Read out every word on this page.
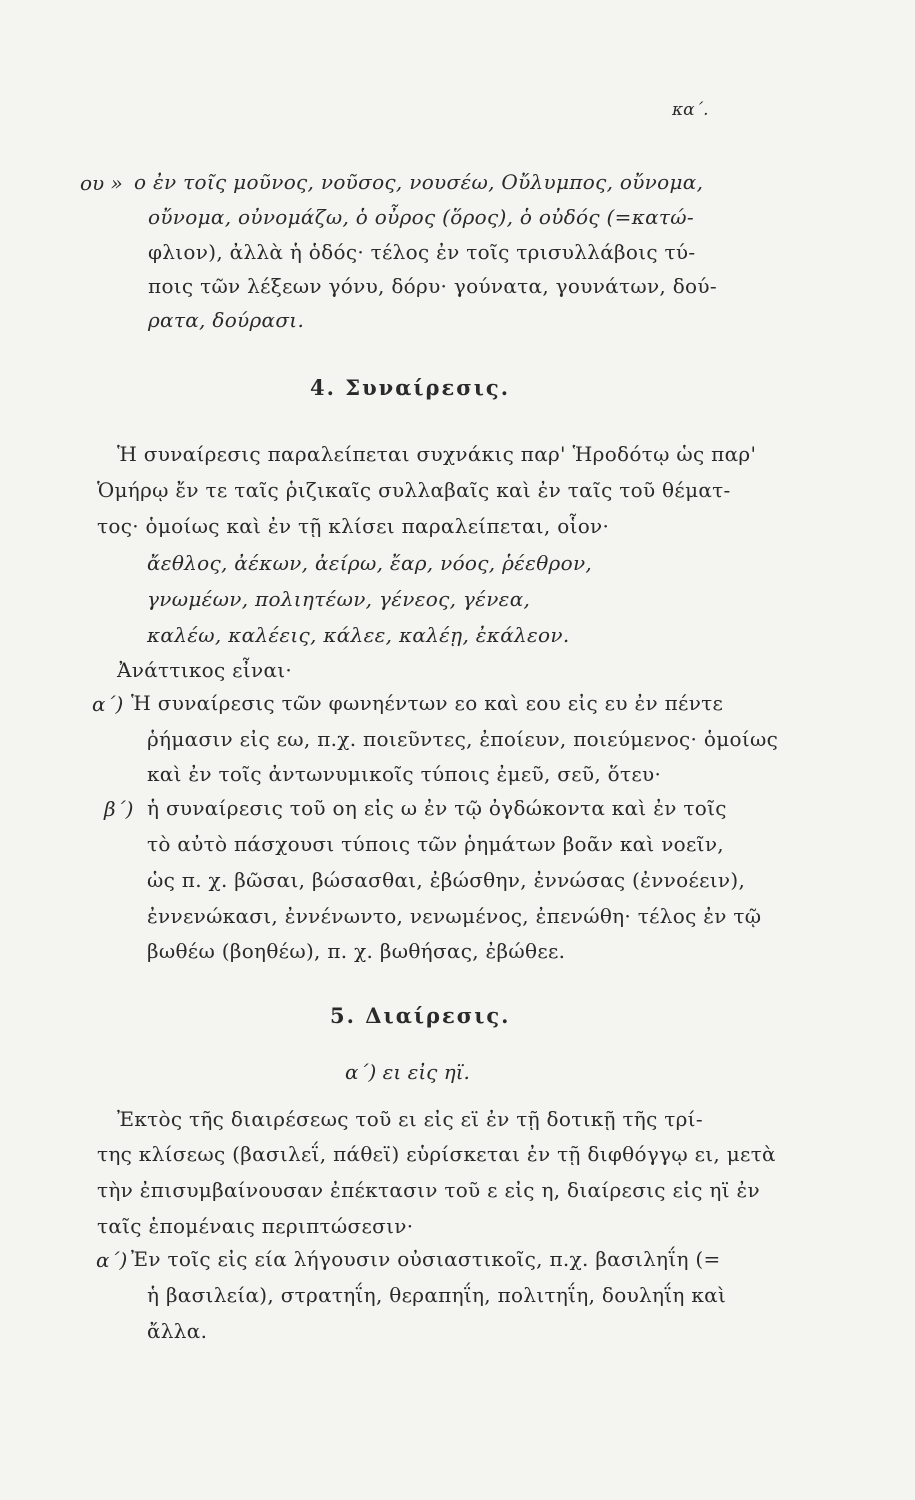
κα΄.
ου » ο ἐν τοῖς μοῦνος, νοῦσος, νουσέω, Οὔλυμπος, οὔνομα,
οὔνομα, οὐνομάζω, ὁ οὖρος (ὅρος), ὁ οὐδός (=κατώ-
φλιον), ἀλλὰ ἡ ὁδός· τέλος ἐν τοῖς τρισυλλάβοις τύ-
ποις τῶν λέξεων γόνυ, δόρυ· γούνατα, γουνάτων, δού-
ρατα, δούρασι.
4. Συναίρεσις.
Ἡ συναίρεσις παραλείπεται συχνάκις παρ' Ἡροδότῳ ὡς παρ'
Ὁμήρῳ ἔν τε ταῖς ῥιζικαῖς συλλαβαῖς καὶ ἐν ταῖς τοῦ θέματ-
τος· ὁμοίως καὶ ἐν τῇ κλίσει παραλείπεται, οἷον·
ἄεθλος, ἀέκων, ἀείρω, ἔαρ, νόος, ῥέεθρον,
γνωμέων, πολιητέων, γένεος, γένεα,
καλέω, καλέεις, κάλεε, καλέῃ, ἐκάλεον.
Ἀνάττικος εἶναι·
α΄) Ἡ συναίρεσις τῶν φωνηέντων εο καὶ εου εἰς ευ ἐν πέντε
ῥήμασιν εἰς εω, π.χ. ποιεῦντες, ἐποίευν, ποιεύμενος· ὁμοίως
καὶ ἐν τοῖς ἀντωνυμικοῖς τύποις ἐμεῦ, σεῦ, ὅτευ·
β΄) ἡ συναίρεσις τοῦ οη εἰς ω ἐν τῷ ὀγδώκοντα καὶ ἐν τοῖς
τὸ αὐτὸ πάσχουσι τύποις τῶν ῥημάτων βοᾶν καὶ νοεῖν,
ὡς π. χ. βῶσαι, βώσασθαι, ἐβώσθην, ἐννώσας (ἐννοέειν),
ἐννενώκασι, ἐννένωντο, νενωμένος, ἐπενώθη· τέλος ἐν τῷ
βωθέω (βοηθέω), π. χ. βωθήσας, ἐβώθεε.
5. Διαίρεσις.
α΄) ει εἰς ηϊ.
Ἐκτὸς τῆς διαιρέσεως τοῦ ει εἰς εϊ ἐν τῇ δοτικῇ τῆς τρί-
της κλίσεως (βασιλεΐ, πάθεϊ) εὑρίσκεται ἐν τῇ διφθόγγῳ ει, μετὰ
τὴν ἐπισυμβαίνουσαν ἐπέκτασιν τοῦ ε εἰς η, διαίρεσις εἰς ηϊ ἐν
ταῖς ἑπομέναις περιπτώσεσιν·
α΄) Ἐν τοῖς εἰς εία λήγουσιν οὐσιαστικοῖς, π.χ. βασιληΐη (=
ἡ βασιλεία), στρατηΐη, θεραπηΐη, πολιτηΐη, δουληΐη καὶ
ἄλλα.
